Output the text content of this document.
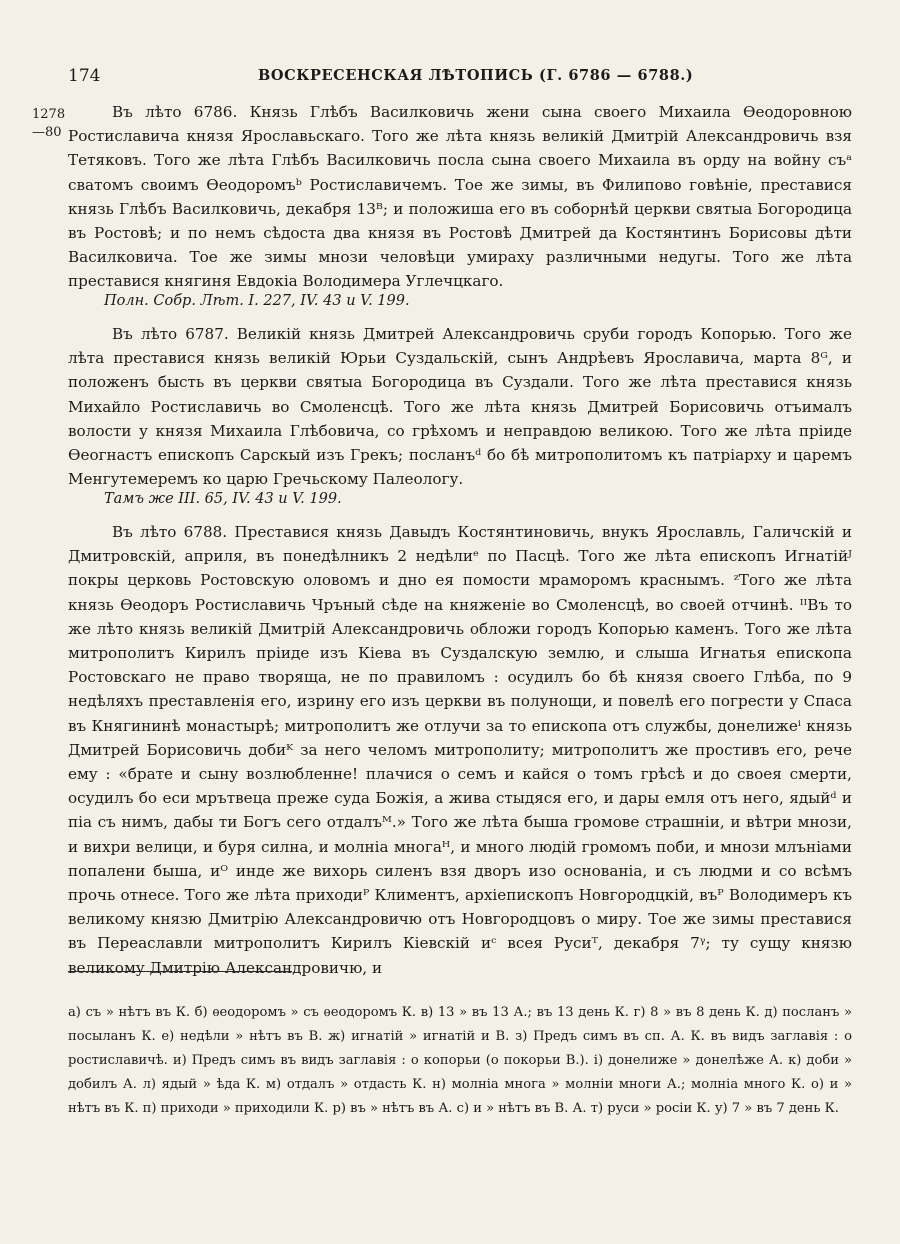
174	ВОСКРЕСЕНСКАЯ ЛѢТОПИСЬ (Г. 6786 — 6788.)
1278
—80

Въ лѣто 6786. Князь Глѣбъ Василковичь жени сына своего Михаила Ѳеодоровною Ростиславича князя Ярославьскаго. Того же лѣта князь великій Дмитрій Александровичь взя Тетяковъ. Того же лѣта Глѣбъ Василковичь посла сына своего Михаила въ орду на войну съᵃ сватомъ своимъ Ѳеодоромъᵇ Ростиславичемъ. Тое же зимы, въ Филипово говѣніе, преставися князь Глѣбъ Василковичь, декабря 13ᴮ; и положиша его въ соборнѣй церкви святыа Богородица въ Ростовѣ; и по немъ сѣдоста два князя въ Ростовѣ Дмитрей да Костянтинъ Борисовы дѣти Василковича. Тое же зимы мнози человѣци умираху различными недугы. Того же лѣта преставися княгиня Евдокіа Володимера Углечцкаго.

Полн. Собр. Лѣт. I. 227, IV. 43 и V. 199.

Въ лѣто 6787. Великій князь Дмитрей Александровичь сруби городъ Копорью. Того же лѣта преставися князь великій Юрьи Суздальскій, сынъ Андрѣевъ Ярославича, марта 8ᴳ, и положенъ бысть въ церкви святыа Богородица въ Суздали. Того же лѣта преставися князь Михайло Ростиславичь во Смоленсцѣ. Того же лѣта князь Дмитрей Борисовичь отъималъ волости у князя Михаила Глѣбовича, со грѣхомъ и неправдою великою. Того же лѣта пріиде Ѳеогнастъ епископъ Сарскый изъ Грекъ; посланъᵈ бо бѣ митрополитомъ къ патріарху и царемъ Менгутемеремъ ко царю Гречьскому Палеологу.

Тамъ же III. 65, IV. 43 и V. 199.

Въ лѣто 6788. Преставися князь Давыдъ Костянтиновичь, внукъ Ярославль, Галичскій и Дмитровскій, априля, въ понедѣлникъ 2 недѣлиᵉ по Пасцѣ. Того же лѣта епископъ Игнатійᴶ покры церковь Ростовскую оловомъ и дно ея помости мраморомъ краснымъ. ᶻТого же лѣта князь Ѳеодоръ Ростиславичь Чръный сѣде на княженіе во Смоленсцѣ, во своей отчинѣ. ᴵᴵВъ то же лѣто князь великій Дмитрій Александровичь обложи городъ Копорью каменъ. Того же лѣта митрополитъ Кирилъ пріиде изъ Кіева въ Суздалскую землю, и слыша Игнатья епископа Ростовскаго не право творяща, не по правиломъ : осудилъ бо бѣ князя своего Глѣба, по 9 недѣляхъ преставленія его, изрину его изъ церкви въ полунощи, и повелѣ его погрести у Спаса въ Княгининѣ монастырѣ; митрополитъ же отлучи за то епископа отъ службы, донелижеⁱ князь Дмитрей Борисовичь добиᴷ за него челомъ митрополиту; митрополитъ же простивъ его, рече ему : «брате и сыну возлюбленне! плачися о семъ и кайся о томъ грѣсѣ и до своея смерти, осудилъ бо еси мрътвеца преже суда Божія, а жива стыдяся его, и дары емля отъ него, ядыйᵈ и піа съ нимъ, дабы ти Богъ сего отдалъᴹ.» Того же лѣта быша громове страшніи, и вѣтри мнози, и вихри велици, и буря силна, и молніа многаᴴ, и много людій громомъ поби, и мнози млъніами попалени быша, иᴼ инде же вихорь силенъ взя дворъ изо основаніа, и съ людми и со всѣмъ прочь отнесе. Того же лѣта приходиᴾ Климентъ, архіепископъ Новгородцкій, въᴾ Володимеръ къ великому князю Дмитрію Александровичю отъ Новгородцовъ о миру. Тое же зимы преставися въ Переаславли митрополитъ Кирилъ Кіевскій иᶜ всея Русиᵀ, декабря 7ᵞ; ту сущу князю великому Дмитрію Александровичю, и

а) съ » нѣтъ въ К. б) ѳеодоромъ » съ ѳеодоромъ К. в) 13 » въ 13 А.; въ 13 день К. г) 8 » въ 8 день К. д) посланъ » посыланъ К. е) недѣли » нѣтъ въ В. ж) игнатій » игнатій и В. з) Предъ симъ въ сп. А. К. въ видъ заглавія : о ростиславичѣ. и) Предъ симъ въ видъ заглавія : о копорьи (о покорьи В.). і) донелиже » донелѣже А. к) доби » добилъ А. л) ядый » ѣда К. м) отдалъ » отдасть К. н) молніа многа » молніи многи А.; молніа много К. о) и » нѣтъ въ К. п) приходи » приходили К. р) въ » нѣтъ въ А. с) и » нѣтъ въ В. А. т) руси » росіи К. у) 7 » въ 7 день К.
